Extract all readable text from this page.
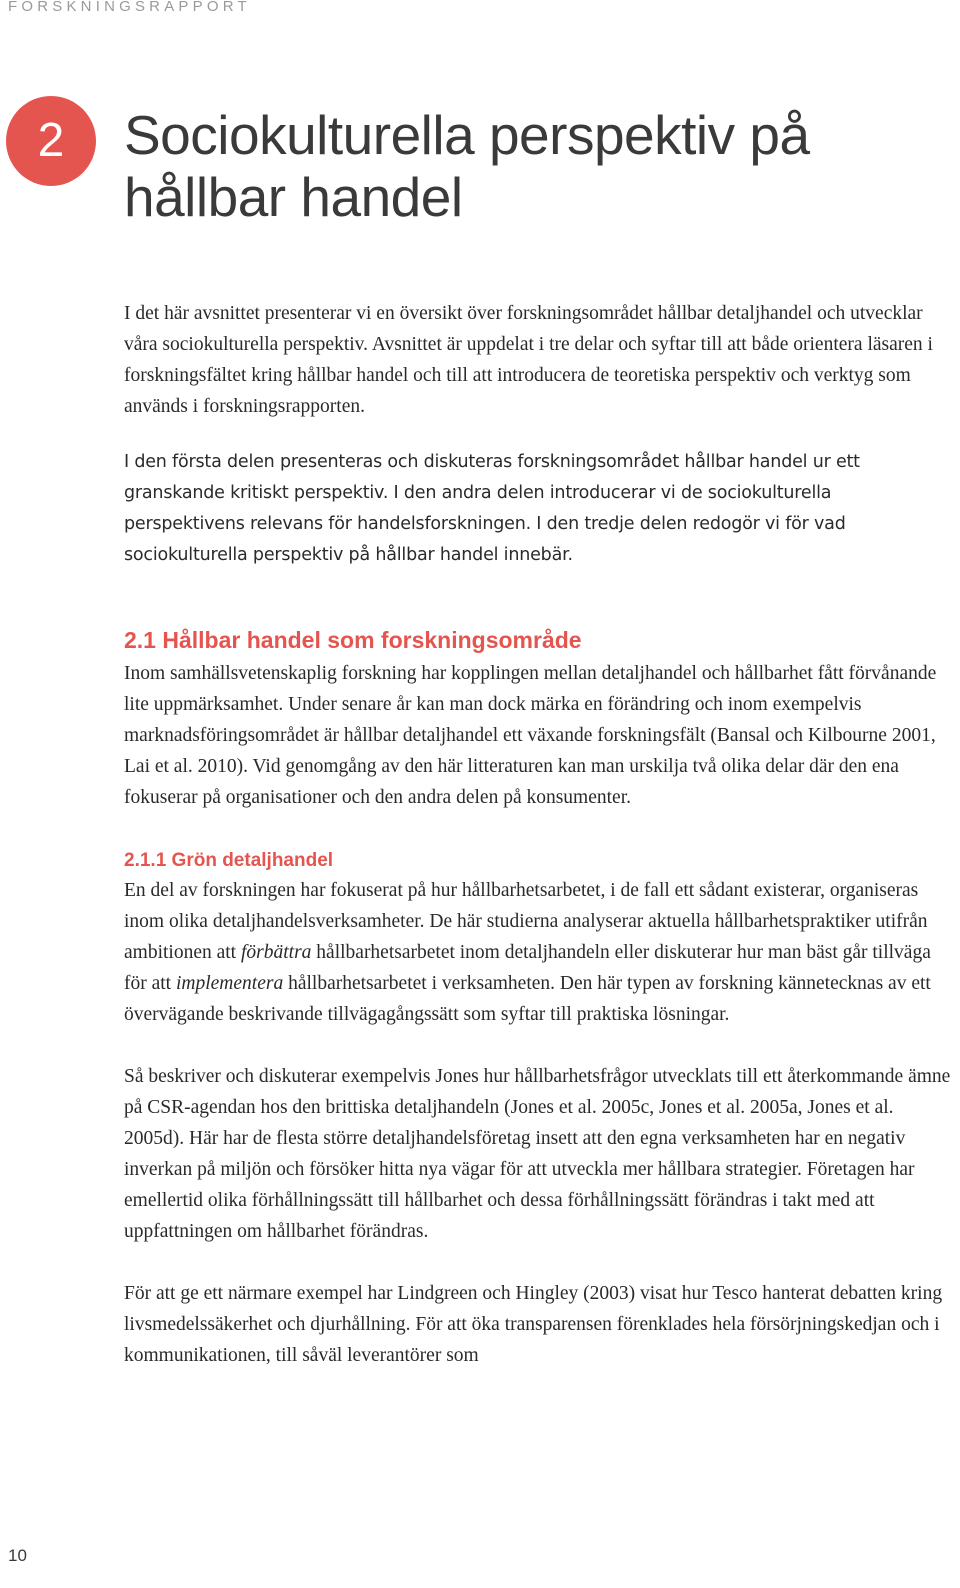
FORSKNINGSRAPPORT
2 Sociokulturella perspektiv på
hållbar handel

I det här avsnittet presenterar vi en översikt över forskningsområdet hållbar detaljhandel och utvecklar våra sociokulturella perspektiv. Avsnittet är uppdelat i tre delar och syftar till att både orientera läsaren i forskningsfältet kring hållbar handel och till att introducera de teoretiska perspektiv och verktyg som används i forskningsrapporten.

I den första delen presenteras och diskuteras forskningsområdet hållbar handel ur ett granskande kritiskt perspektiv. I den andra delen introducerar vi de sociokulturella perspektivens relevans för handelsforskningen. I den tredje delen redogör vi för vad sociokulturella perspektiv på hållbar handel innebär.

2.1 Hållbar handel som forskningsområde

Inom samhällsvetenskaplig forskning har kopplingen mellan detaljhandel och hållbarhet fått förvånande lite uppmärksamhet. Under senare år kan man dock märka en förändring och inom exempelvis marknadsföringsområdet är hållbar detaljhandel ett växande forskningsfält (Bansal och Kilbourne 2001, Lai et al. 2010). Vid genomgång av den här litteraturen kan man urskilja två olika delar där den ena fokuserar på organisationer och den andra delen på konsumenter.

2.1.1 Grön detaljhandel

En del av forskningen har fokuserat på hur hållbarhetsarbetet, i de fall ett sådant existerar, organiseras inom olika detaljhandelsverksamheter. De här studierna analyserar aktuella hållbarhetspraktiker utifrån ambitionen att förbättra hållbarhetsarbetet inom detaljhandeln eller diskuterar hur man bäst går tillväga för att implementera hållbarhetsarbetet i verksamheten. Den här typen av forskning kännetecknas av ett övervägande beskrivande tillvägagångssätt som syftar till praktiska lösningar.

Så beskriver och diskuterar exempelvis Jones hur hållbarhetsfrågor utvecklats till ett återkommande ämne på CSR-agendan hos den brittiska detaljhandeln (Jones et al. 2005c, Jones et al. 2005a, Jones et al. 2005d). Här har de flesta större detaljhandelsföretag insett att den egna verksamheten har en negativ inverkan på miljön och försöker hitta nya vägar för att utveckla mer hållbara strategier. Företagen har emellertid olika förhållningssätt till hållbarhet och dessa förhållningssätt förändras i takt med att uppfattningen om hållbarhet förändras.

För att ge ett närmare exempel har Lindgreen och Hingley (2003) visat hur Tesco hanterat debatten kring livsmedelssäkerhet och djurhållning. För att öka transparensen förenklades hela försörjningskedjan och i kommunikationen, till såväl leverantörer som

10
